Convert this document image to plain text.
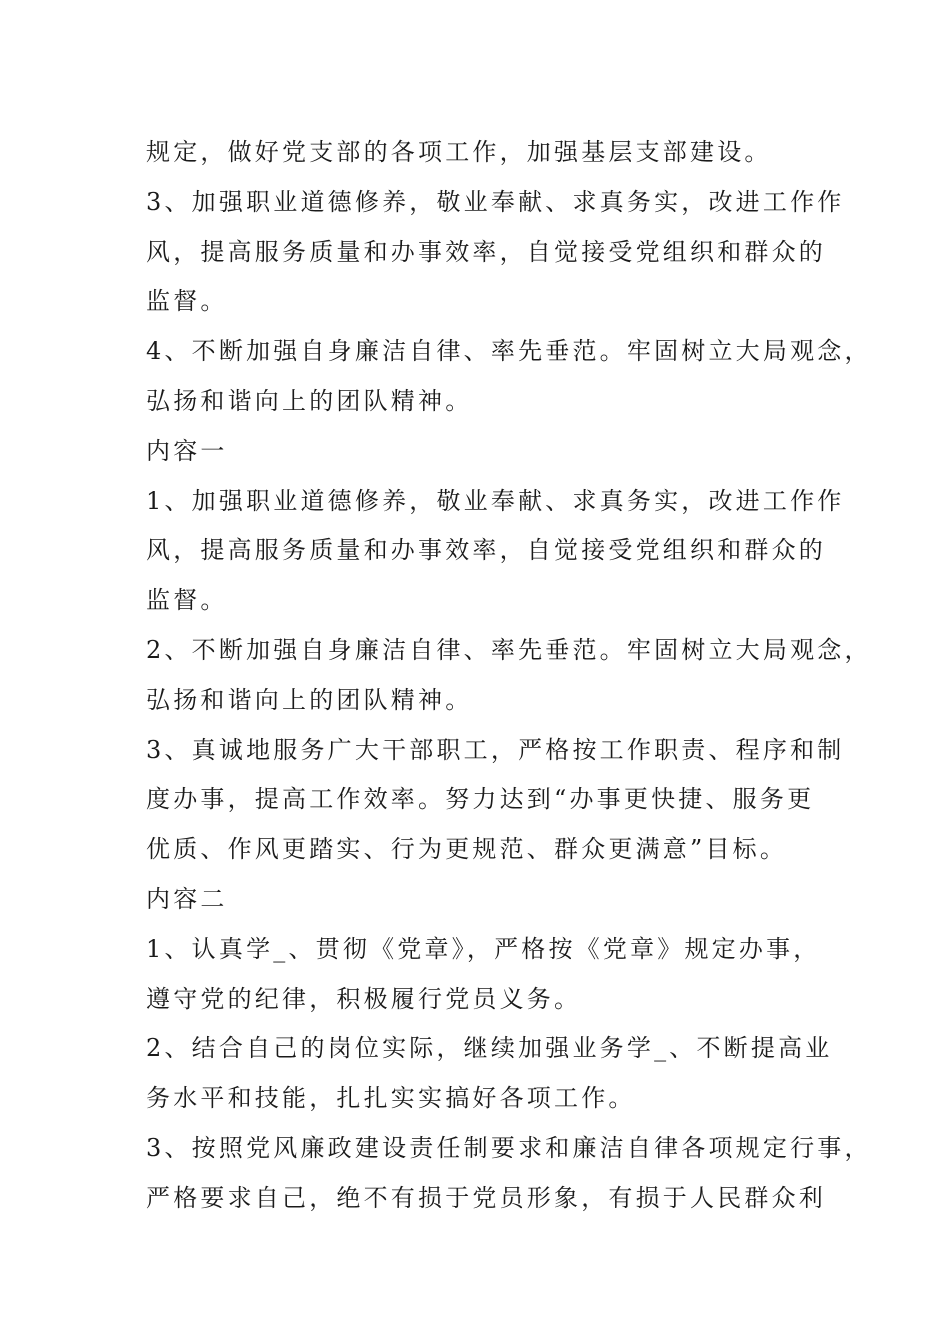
规定，做好党支部的各项工作，加强基层支部建设。
3、加强职业道德修养，敬业奉献、求真务实，改进工作作
风，提高服务质量和办事效率，自觉接受党组织和群众的
监督。
4、不断加强自身廉洁自律、率先垂范。牢固树立大局观念，
弘扬和谐向上的团队精神。
内容一
1、加强职业道德修养，敬业奉献、求真务实，改进工作作
风，提高服务质量和办事效率，自觉接受党组织和群众的
监督。
2、不断加强自身廉洁自律、率先垂范。牢固树立大局观念，
弘扬和谐向上的团队精神。
3、真诚地服务广大干部职工，严格按工作职责、程序和制
度办事，提高工作效率。努力达到“办事更快捷、服务更
优质、作风更踏实、行为更规范、群众更满意”目标。
内容二
1、认真学_、贯彻《党章》，严格按《党章》规定办事，
遵守党的纪律，积极履行党员义务。
2、结合自己的岗位实际，继续加强业务学_、不断提高业
务水平和技能，扎扎实实搞好各项工作。
3、按照党风廉政建设责任制要求和廉洁自律各项规定行事，
严格要求自己，绝不有损于党员形象，有损于人民群众利
